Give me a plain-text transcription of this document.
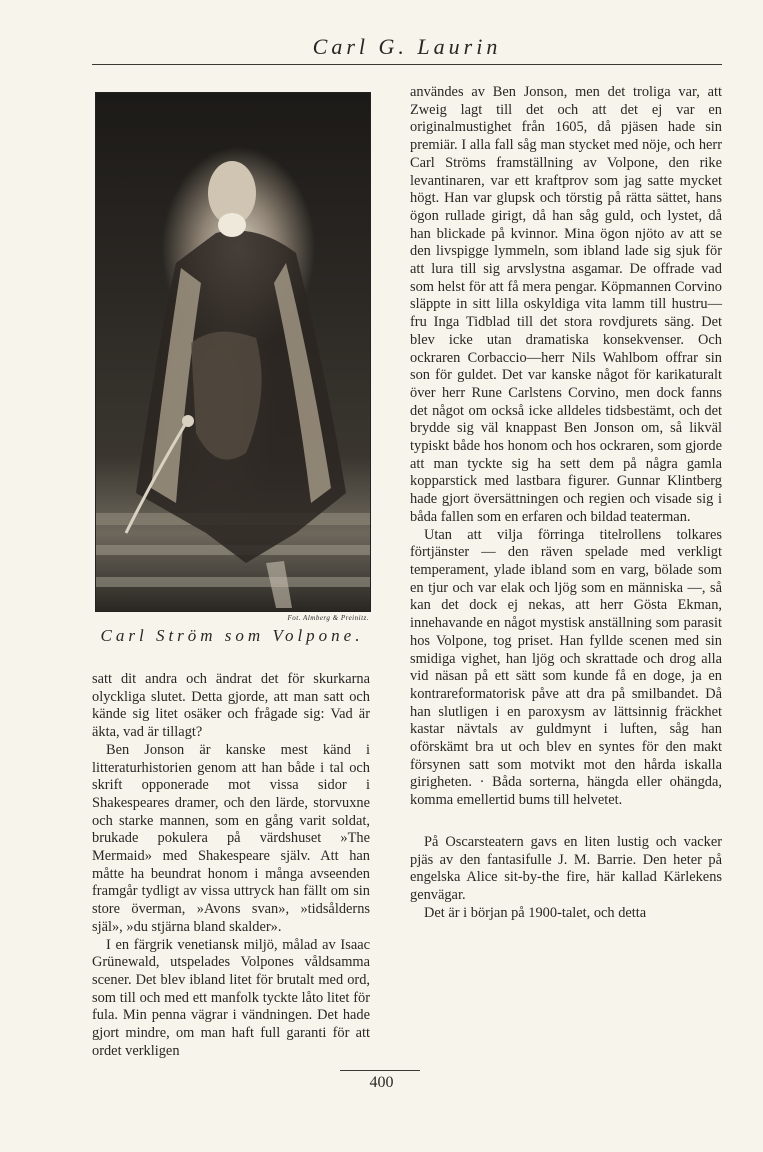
Carl G. Laurin
Fot. Almberg & Preinitz.
Carl Ström som Volpone.

satt dit andra och ändrat det för skurkarna olyckliga slutet. Detta gjorde, att man satt och kände sig litet osäker och frågade sig: Vad är äkta, vad är tillagt?

Ben Jonson är kanske mest känd i litteraturhistorien genom att han både i tal och skrift opponerade mot vissa sidor i Shakespeares dramer, och den lärde, storvuxne och starke mannen, som en gång varit soldat, brukade pokulera på värdshuset »The Mermaid» med Shakespeare själv. Att han måtte ha beundrat honom i många avseenden framgår tydligt av vissa uttryck han fällt om sin store överman, »Avons svan», »tidsålderns själ», »du stjärna bland skalder».

I en färgrik venetiansk miljö, målad av Isaac Grünewald, utspelades Volpones våldsamma scener. Det blev ibland litet för brutalt med ord, som till och med ett manfolk tyckte låto litet för fula. Min penna vägrar i vändningen. Det hade gjort mindre, om man haft full garanti för att ordet verkligen

användes av Ben Jonson, men det troliga var, att Zweig lagt till det och att det ej var en originalmustighet från 1605, då pjäsen hade sin premiär. I alla fall såg man stycket med nöje, och herr Carl Ströms framställning av Volpone, den rike levantinaren, var ett kraftprov som jag satte mycket högt. Han var glupsk och törstig på rätta sättet, hans ögon rullade girigt, då han såg guld, och lystet, då han blickade på kvinnor. Mina ögon njöto av att se den livspigge lymmeln, som ibland lade sig sjuk för att lura till sig arvslystna asgamar. De offrade vad som helst för att få mera pengar. Köpmannen Corvino släppte in sitt lilla oskyldiga vita lamm till hustru—fru Inga Tidblad till det stora rovdjurets säng. Det blev icke utan dramatiska konsekvenser. Och ockraren Corbaccio—herr Nils Wahlbom offrar sin son för guldet. Det var kanske något för karikaturalt över herr Rune Carlstens Corvino, men dock fanns det något om också icke alldeles tidsbestämt, och det brydde sig väl knappast Ben Jonson om, så likväl typiskt både hos honom och hos ockraren, som gjorde att man tyckte sig ha sett dem på några gamla kopparstick med lastbara figurer. Gunnar Klintberg hade gjort översättningen och regien och visade sig i båda fallen som en erfaren och bildad teaterman.

Utan att vilja förringa titelrollens tolkares förtjänster — den räven spelade med verkligt temperament, ylade ibland som en varg, bölade som en tjur och var elak och ljög som en människa —, så kan det dock ej nekas, att herr Gösta Ekman, innehavande en något mystisk anställning som parasit hos Volpone, tog priset. Han fyllde scenen med sin smidiga vighet, han ljög och skrattade och drog alla vid näsan på ett sätt som kunde få en doge, ja en kontrareformatorisk påve att dra på smilbandet. Då han slutligen i en paroxysm av lättsinnig fräckhet kastar nävtals av guldmynt i luften, såg han oförskämt bra ut och blev en syntes för den makt försynen satt som motvikt mot den hårda iskalla girigheten. · Båda sorterna, hängda eller ohängda, komma emellertid bums till helvetet.

På Oscarsteatern gavs en liten lustig och vacker pjäs av den fantasifulle J. M. Barrie. Den heter på engelska Alice sit-by-the fire, här kallad Kärlekens genvägar.

Det är i början på 1900-talet, och detta

400
